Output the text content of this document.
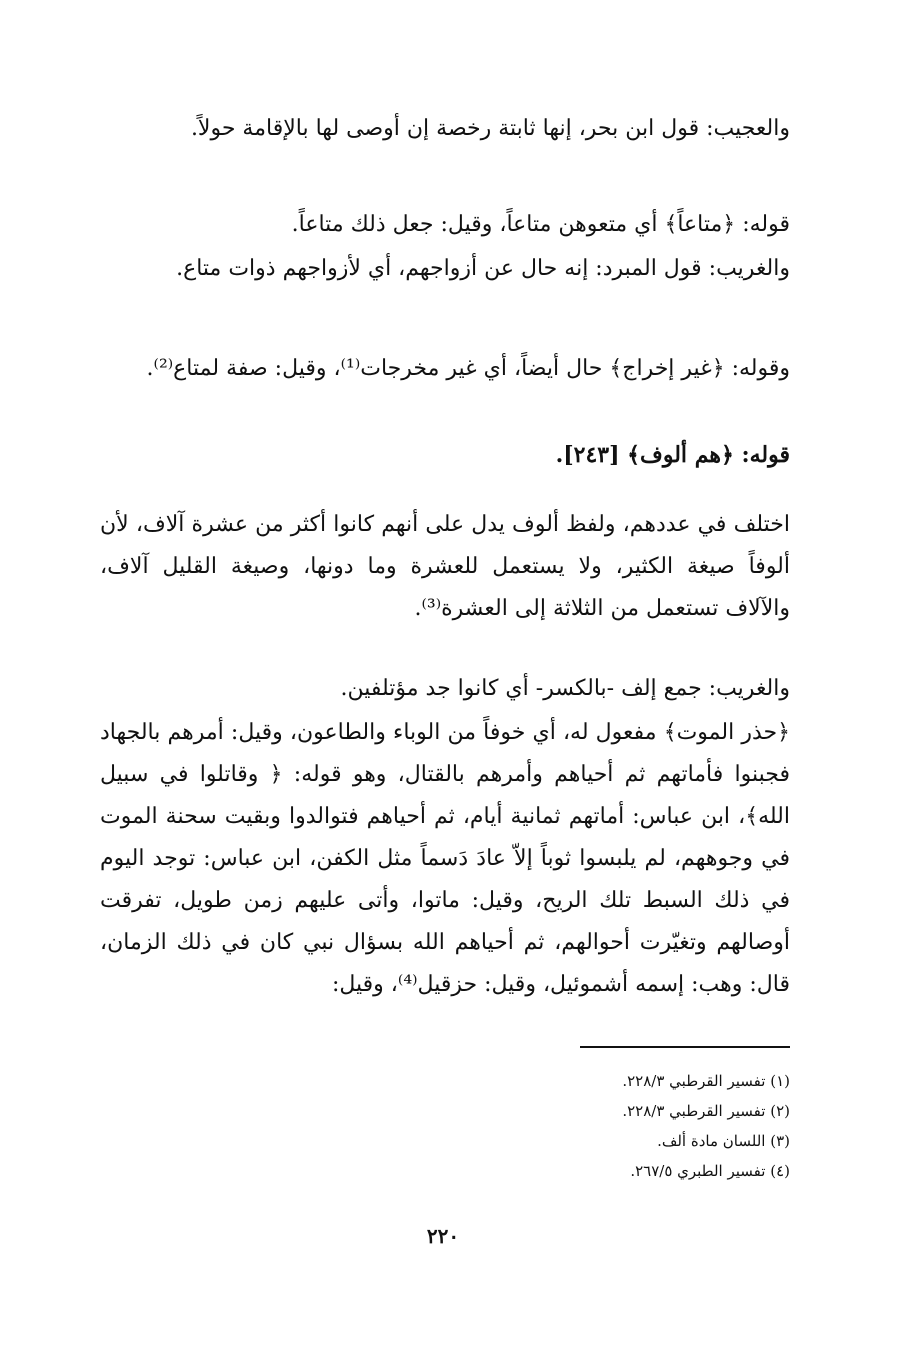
والعجيب: قول ابن بحر، إنها ثابتة رخصة إن أوصى لها بالإقامة حولاً.

قوله: ﴿متاعاً﴾ أي متعوهن متاعاً، وقيل: جعل ذلك متاعاً.

والغريب: قول المبرد: إنه حال عن أزواجهم، أي لأزواجهم ذوات متاع.

وقوله: ﴿غير إخراج﴾ حال أيضاً، أي غير مخرجات⁽¹⁾، وقيل: صفة لمتاع⁽²⁾.

قوله: ﴿هم ألوف﴾ [٢٤٣].

اختلف في عددهم، ولفظ ألوف يدل على أنهم كانوا أكثر من عشرة آلاف، لأن ألوفاً صيغة الكثير، ولا يستعمل للعشرة وما دونها، وصيغة القليل آلاف، والآلاف تستعمل من الثلاثة إلى العشرة⁽³⁾.

والغريب: جمع إلف -بالكسر- أي كانوا جد مؤتلفين.

﴿حذر الموت﴾ مفعول له، أي خوفاً من الوباء والطاعون، وقيل: أمرهم بالجهاد فجبنوا فأماتهم ثم أحياهم وأمرهم بالقتال، وهو قوله: ﴿ وقاتلوا في سبيل الله﴾، ابن عباس: أماتهم ثمانية أيام، ثم أحياهم فتوالدوا وبقيت سحنة الموت في وجوههم، لم يلبسوا ثوباً إلاّ عادَ دَسماً مثل الكفن، ابن عباس: توجد اليوم في ذلك السبط تلك الريح، وقيل: ماتوا، وأتى عليهم زمن طويل، تفرقت أوصالهم وتغيّرت أحوالهم، ثم أحياهم الله بسؤال نبي كان في ذلك الزمان، قال: وهب: إسمه أشموئيل، وقيل: حزقيل⁽⁴⁾، وقيل:

(١) تفسير القرطبي ٢٢٨/٣.
(٢) تفسير القرطبي ٢٢٨/٣.
(٣) اللسان مادة ألف.
(٤) تفسير الطبري ٢٦٧/٥.
٢٢٠
